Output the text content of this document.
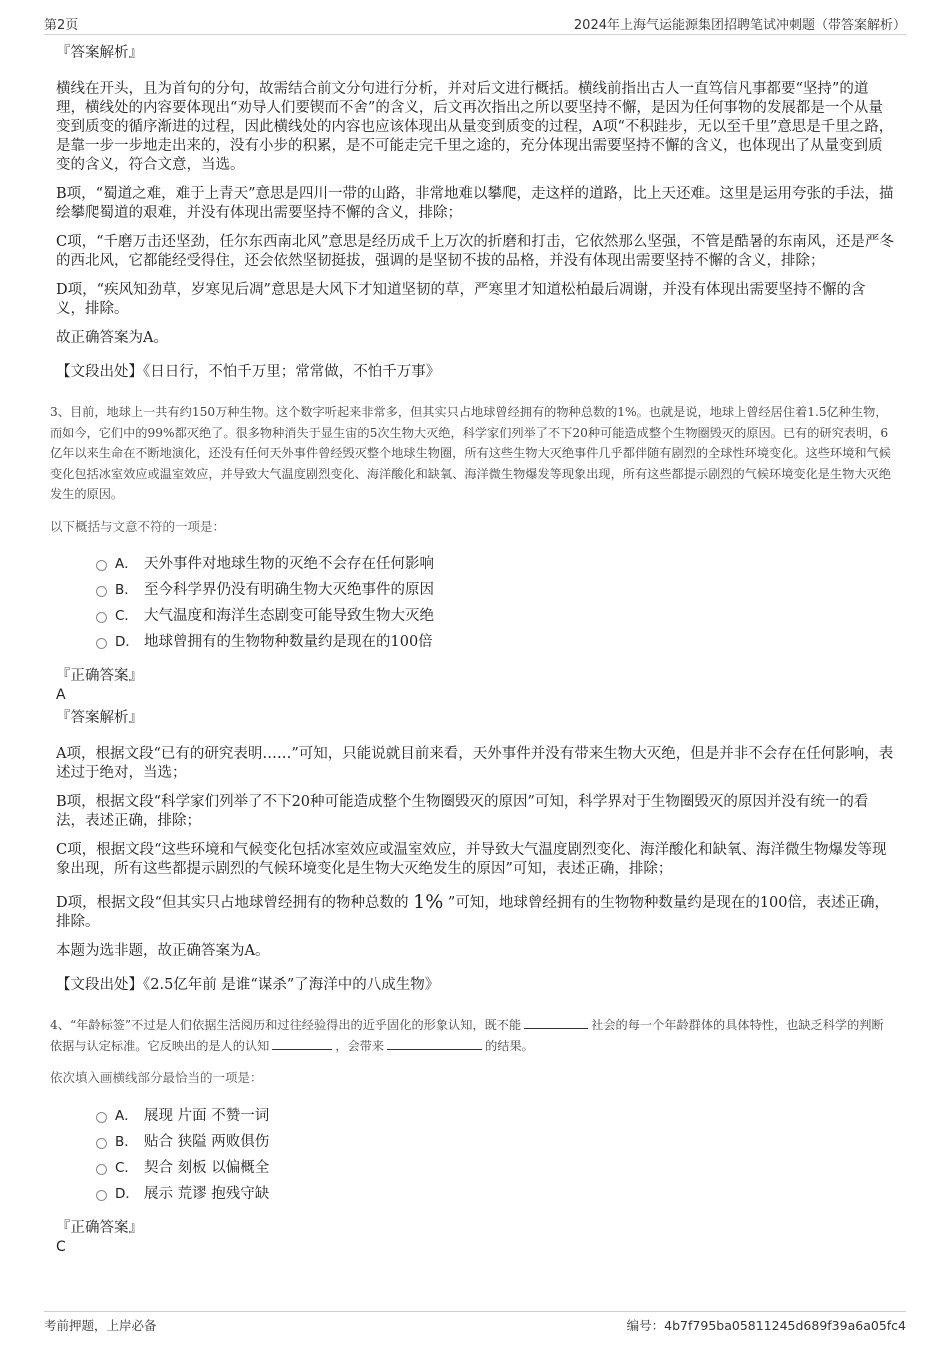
第2页	2024年上海气运能源集团招聘笔试冲刺题（带答案解析）

『答案解析』

横线在开头，且为首句的分句，故需结合前文分句进行分析，并对后文进行概括。横线前指出古人一直笃信凡事都要“坚持”的道理，横线处的内容要体现出“劝导人们要锲而不舍”的含义，后文再次指出之所以要坚持不懈，是因为任何事物的发展都是一个从量变到质变的循序渐进的过程，因此横线处的内容也应该体现出从量变到质变的过程，A项“不积跬步，无以至千里”意思是千里之路，是靠一步一步地走出来的，没有小步的积累，是不可能走完千里之途的，充分体现出需要坚持不懈的含义，也体现出了从量变到质变的含义，符合文意，当选。

B项，“蜀道之难，难于上青天”意思是四川一带的山路，非常地难以攀爬，走这样的道路，比上天还难。这里是运用夸张的手法，描绘攀爬蜀道的艰难，并没有体现出需要坚持不懈的含义，排除；

C项，“千磨万击还坚劲，任尔东西南北风”意思是经历成千上万次的折磨和打击，它依然那么坚强，不管是酷暑的东南风，还是严冬的西北风，它都能经受得住，还会依然坚韧挺拔，强调的是坚韧不拔的品格，并没有体现出需要坚持不懈的含义，排除；

D项，“疾风知劲草，岁寒见后凋”意思是大风下才知道坚韧的草，严寒里才知道松柏最后凋谢，并没有体现出需要坚持不懈的含义，排除。

故正确答案为A。

【文段出处】《日日行，不怕千万里；常常做，不怕千万事》

3、目前，地球上一共有约150万种生物。这个数字听起来非常多，但其实只占地球曾经拥有的物种总数的1%。也就是说，地球上曾经居住着1.5亿种生物，而如今，它们中的99%都灭绝了。很多物种消失于显生宙的5次生物大灭绝，科学家们列举了不下20种可能造成整个生物圈毁灭的原因。已有的研究表明，6亿年以来生命在不断地演化，还没有任何天外事件曾经毁灭整个地球生物圈，所有这些生物大灭绝事件几乎都伴随有剧烈的全球性环境变化。这些环境和气候变化包括冰室效应或温室效应，并导致大气温度剧烈变化、海洋酸化和缺氧、海洋微生物爆发等现象出现，所有这些都提示剧烈的气候环境变化是生物大灭绝发生的原因。

以下概括与文意不符的一项是：

A． 天外事件对地球生物的灭绝不会存在任何影响
B． 至今科学界仍没有明确生物大灭绝事件的原因
C． 大气温度和海洋生态剧变可能导致生物大灭绝
D． 地球曾拥有的生物物种数量约是现在的100倍

『正确答案』

A

『答案解析』

A项，根据文段“已有的研究表明……”可知，只能说就目前来看，天外事件并没有带来生物大灭绝，但是并非不会存在任何影响，表述过于绝对，当选；

B项，根据文段“科学家们列举了不下20种可能造成整个生物圈毁灭的原因”可知，科学界对于生物圈毁灭的原因并没有统一的看法，表述正确，排除；

C项，根据文段“这些环境和气候变化包括冰室效应或温室效应，并导致大气温度剧烈变化、海洋酸化和缺氧、海洋微生物爆发等现象出现，所有这些都提示剧烈的气候环境变化是生物大灭绝发生的原因”可知，表述正确，排除；

D项，根据文段“但其实只占地球曾经拥有的物种总数的 1% ”可知，地球曾经拥有的生物物种数量约是现在的100倍，表述正确，排除。

本题为选非题，故正确答案为A。

【文段出处】《2.5亿年前 是谁“谋杀”了海洋中的八成生物》

4、“年龄标签”不过是人们依据生活阅历和过往经验得出的近乎固化的形象认知，既不能	社会的每一个年龄群体的具体特性，也缺乏科学的判断依据与认定标准。它反映出的是人的认知	，会带来	的结果。

依次填入画横线部分最恰当的一项是：

A． 展现 片面 不赞一词
B． 贴合 狭隘 两败俱伤
C． 契合 刻板 以偏概全
D． 展示 荒谬 抱残守缺

『正确答案』

C

考前押题，上岸必备	编号：4b7f795ba05811245d689f39a6a05fc4
